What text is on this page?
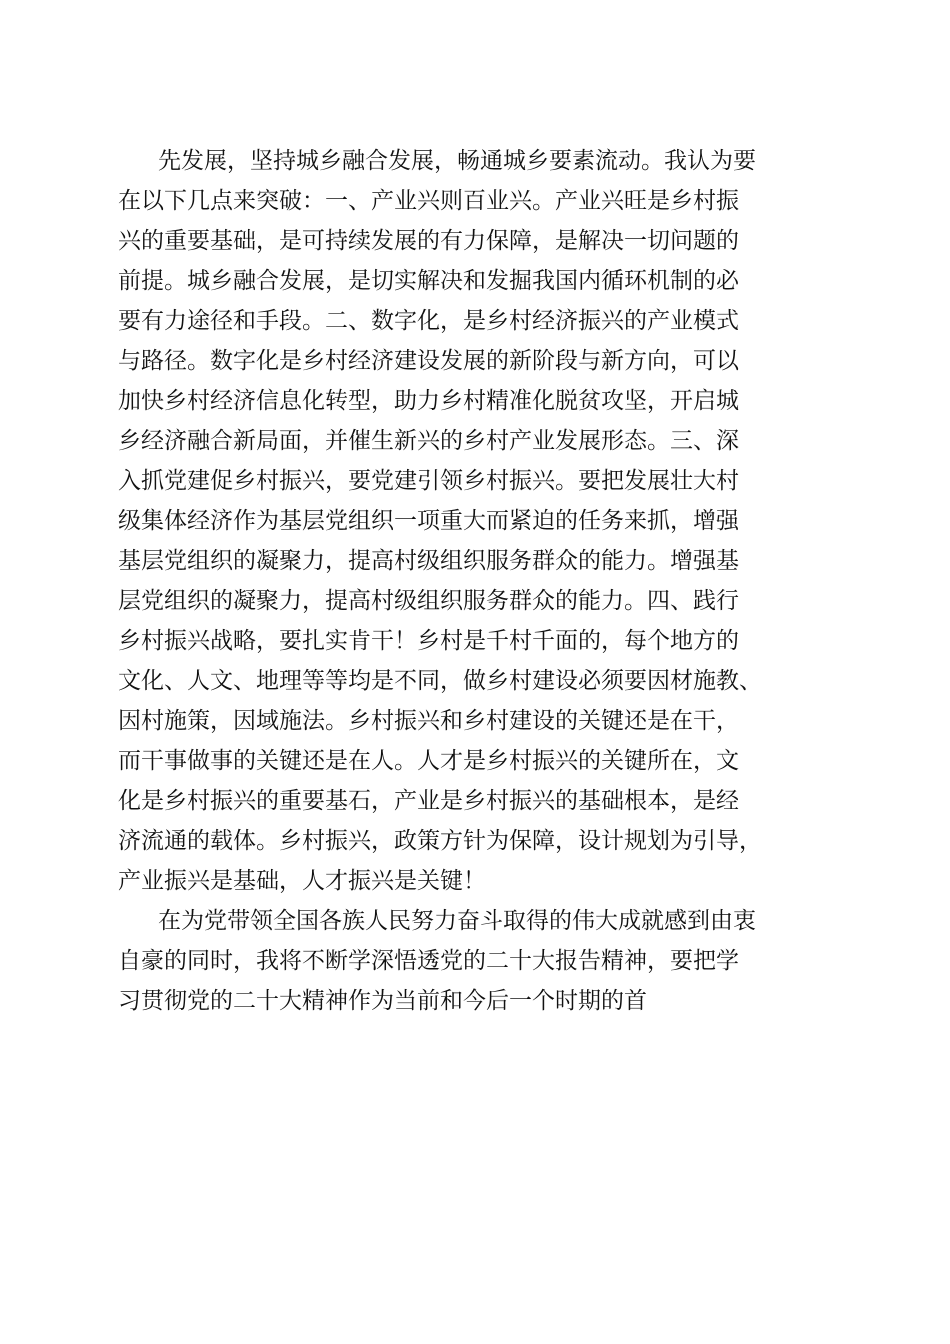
先发展，坚持城乡融合发展，畅通城乡要素流动。我认为要
在以下几点来突破：一、产业兴则百业兴。产业兴旺是乡村振
兴的重要基础，是可持续发展的有力保障，是解决一切问题的
前提。城乡融合发展，是切实解决和发掘我国内循环机制的必
要有力途径和手段。二、数字化，是乡村经济振兴的产业模式
与路径。数字化是乡村经济建设发展的新阶段与新方向，可以
加快乡村经济信息化转型，助力乡村精准化脱贫攻坚，开启城
乡经济融合新局面，并催生新兴的乡村产业发展形态。三、深
入抓党建促乡村振兴，要党建引领乡村振兴。要把发展壮大村
级集体经济作为基层党组织一项重大而紧迫的任务来抓，增强
基层党组织的凝聚力，提高村级组织服务群众的能力。增强基
层党组织的凝聚力，提高村级组织服务群众的能力。四、践行
乡村振兴战略，要扎实肯干！乡村是千村千面的，每个地方的
文化、人文、地理等等均是不同，做乡村建设必须要因材施教、
因村施策，因域施法。乡村振兴和乡村建设的关键还是在干，
而干事做事的关键还是在人。人才是乡村振兴的关键所在，文
化是乡村振兴的重要基石，产业是乡村振兴的基础根本，是经
济流通的载体。乡村振兴，政策方针为保障，设计规划为引导，
产业振兴是基础，人才振兴是关键！
在为党带领全国各族人民努力奋斗取得的伟大成就感到由衷
自豪的同时，我将不断学深悟透党的二十大报告精神，要把学
习贯彻党的二十大精神作为当前和今后一个时期的首
